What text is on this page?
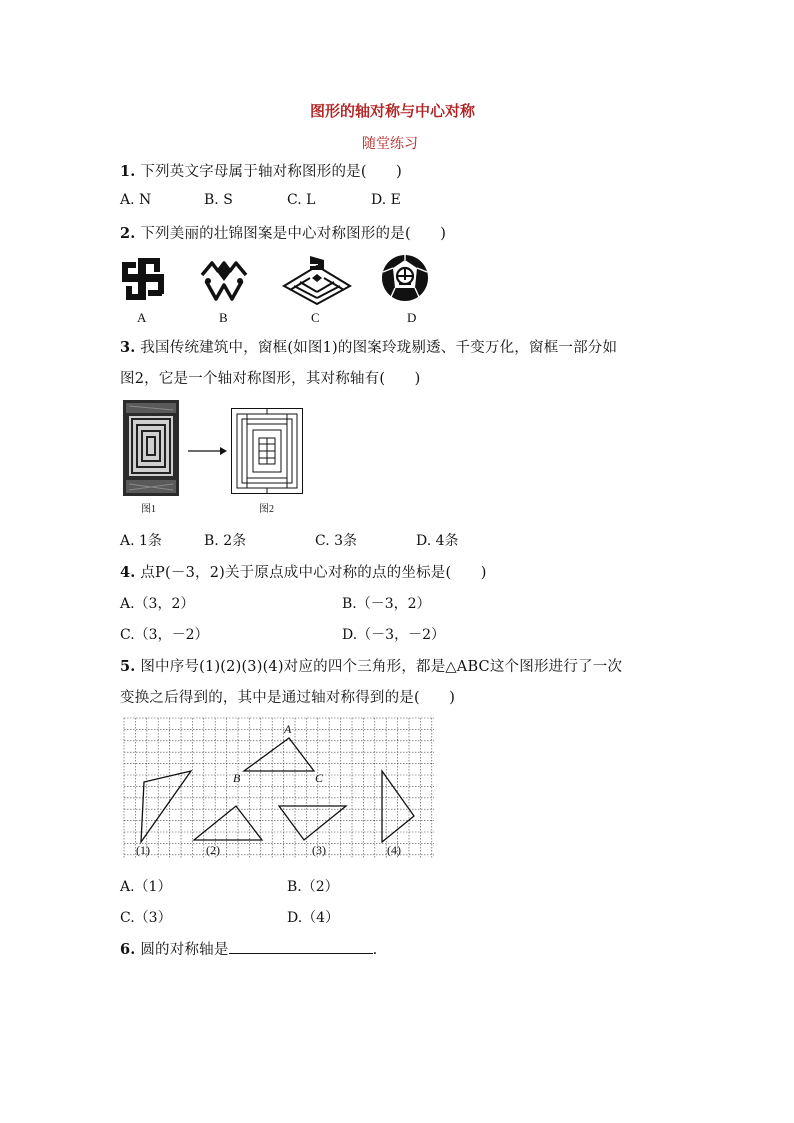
图形的轴对称与中心对称
随堂练习
1. 下列英文字母属于轴对称图形的是(　　)
A. N	B. S	C. L	D. E
2. 下列美丽的壮锦图案是中心对称图形的是(　　)
A	B	C	D
3. 我国传统建筑中，窗框(如图1)的图案玲珑剔透、千变万化，窗框一部分如
图2，它是一个轴对称图形，其对称轴有(　　)
图1	图2
A. 1条	B. 2条	C. 3条	D. 4条
4. 点P(－3，2)关于原点成中心对称的点的坐标是(　　)
A.（3，2）	B.（－3，2）
C.（3，－2）	D.（－3，－2）
5. 图中序号(1)(2)(3)(4)对应的四个三角形，都是△ABC这个图形进行了一次
变换之后得到的，其中是通过轴对称得到的是(　　)
A
B	C
(1)	(2)	(3)	(4)
A.（1）	B.（2）
C.（3）	D.（4）
6. 圆的对称轴是	.
